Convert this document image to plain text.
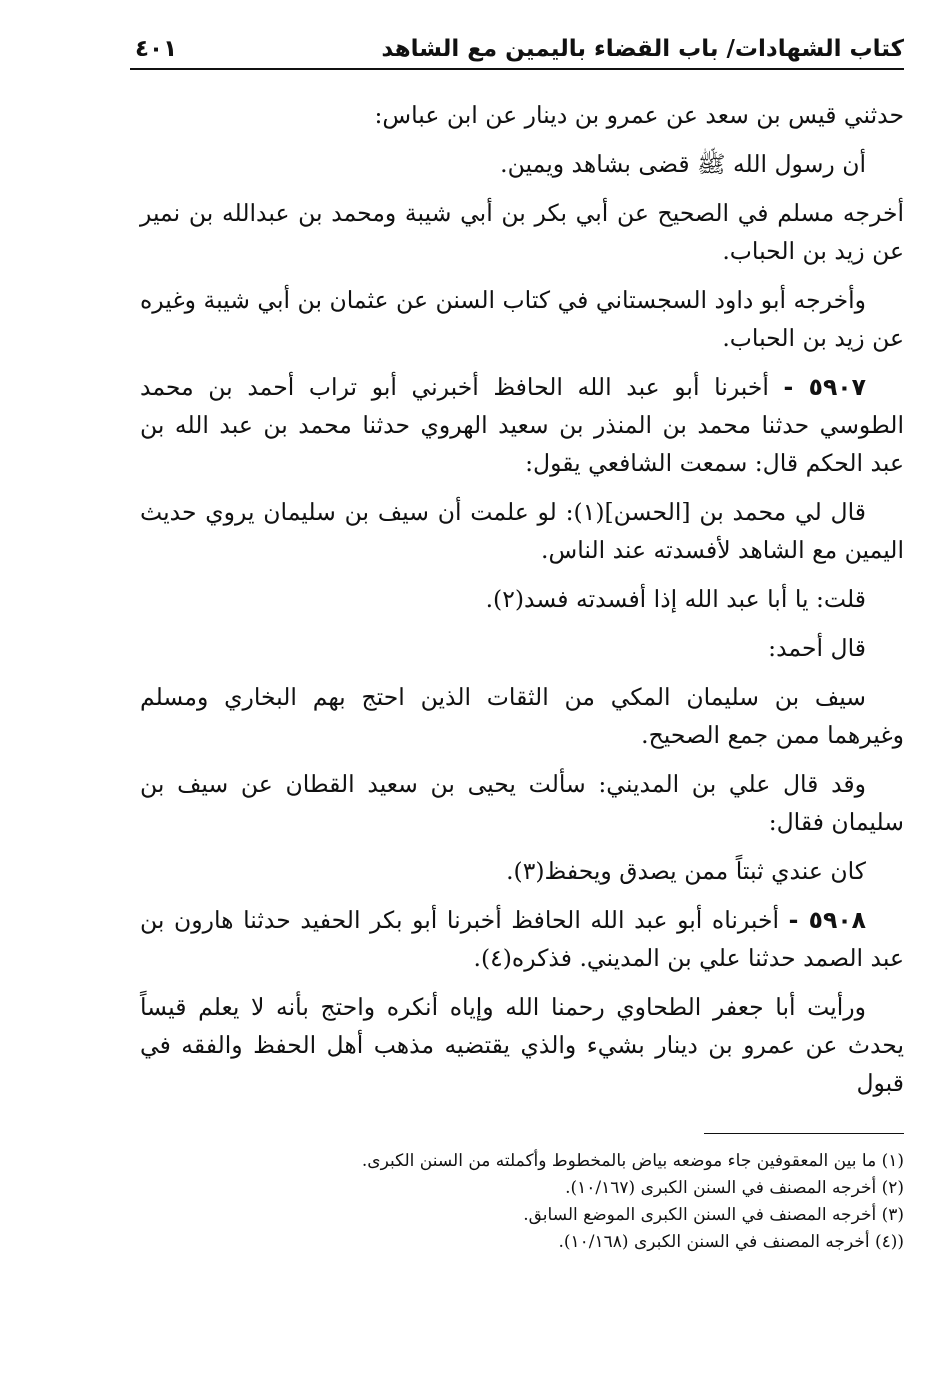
كتاب الشهادات/ باب القضاء باليمين مع الشاهد
٤٠١

حدثني قيس بن سعد عن عمرو بن دينار عن ابن عباس:

أن رسول الله ﷺ قضى بشاهد ويمين.

أخرجه مسلم في الصحيح عن أبي بكر بن أبي شيبة ومحمد بن عبدالله بن نمير عن زيد بن الحباب.

وأخرجه أبو داود السجستاني في كتاب السنن عن عثمان بن أبي شيبة وغيره عن زيد بن الحباب.

٥٩٠٧ - أخبرنا أبو عبد الله الحافظ أخبرني أبو تراب أحمد بن محمد الطوسي حدثنا محمد بن المنذر بن سعيد الهروي حدثنا محمد بن عبد الله بن عبد الحكم قال: سمعت الشافعي يقول:

قال لي محمد بن [الحسن](١): لو علمت أن سيف بن سليمان يروي حديث اليمين مع الشاهد لأفسدته عند الناس.

قلت: يا أبا عبد الله إذا أفسدته فسد(٢).

قال أحمد:

سيف بن سليمان المكي من الثقات الذين احتج بهم البخاري ومسلم وغيرهما ممن جمع الصحيح.

وقد قال علي بن المديني: سألت يحيى بن سعيد القطان عن سيف بن سليمان فقال:

كان عندي ثبتاً ممن يصدق ويحفظ(٣).

٥٩٠٨ - أخبرناه أبو عبد الله الحافظ أخبرنا أبو بكر الحفيد حدثنا هارون بن عبد الصمد حدثنا علي بن المديني. فذكره(٤).

ورأيت أبا جعفر الطحاوي رحمنا الله وإياه أنكره واحتج بأنه لا يعلم قيساً يحدث عن عمرو بن دينار بشيء والذي يقتضيه مذهب أهل الحفظ والفقه في قبول

(١) ما بين المعقوفين جاء موضعه بياض بالمخطوط وأكملته من السنن الكبرى.
(٢) أخرجه المصنف في السنن الكبرى (١٠/١٦٧).
(٣) أخرجه المصنف في السنن الكبرى الموضع السابق.
((٤) أخرجه المصنف في السنن الكبرى (١٠/١٦٨).
